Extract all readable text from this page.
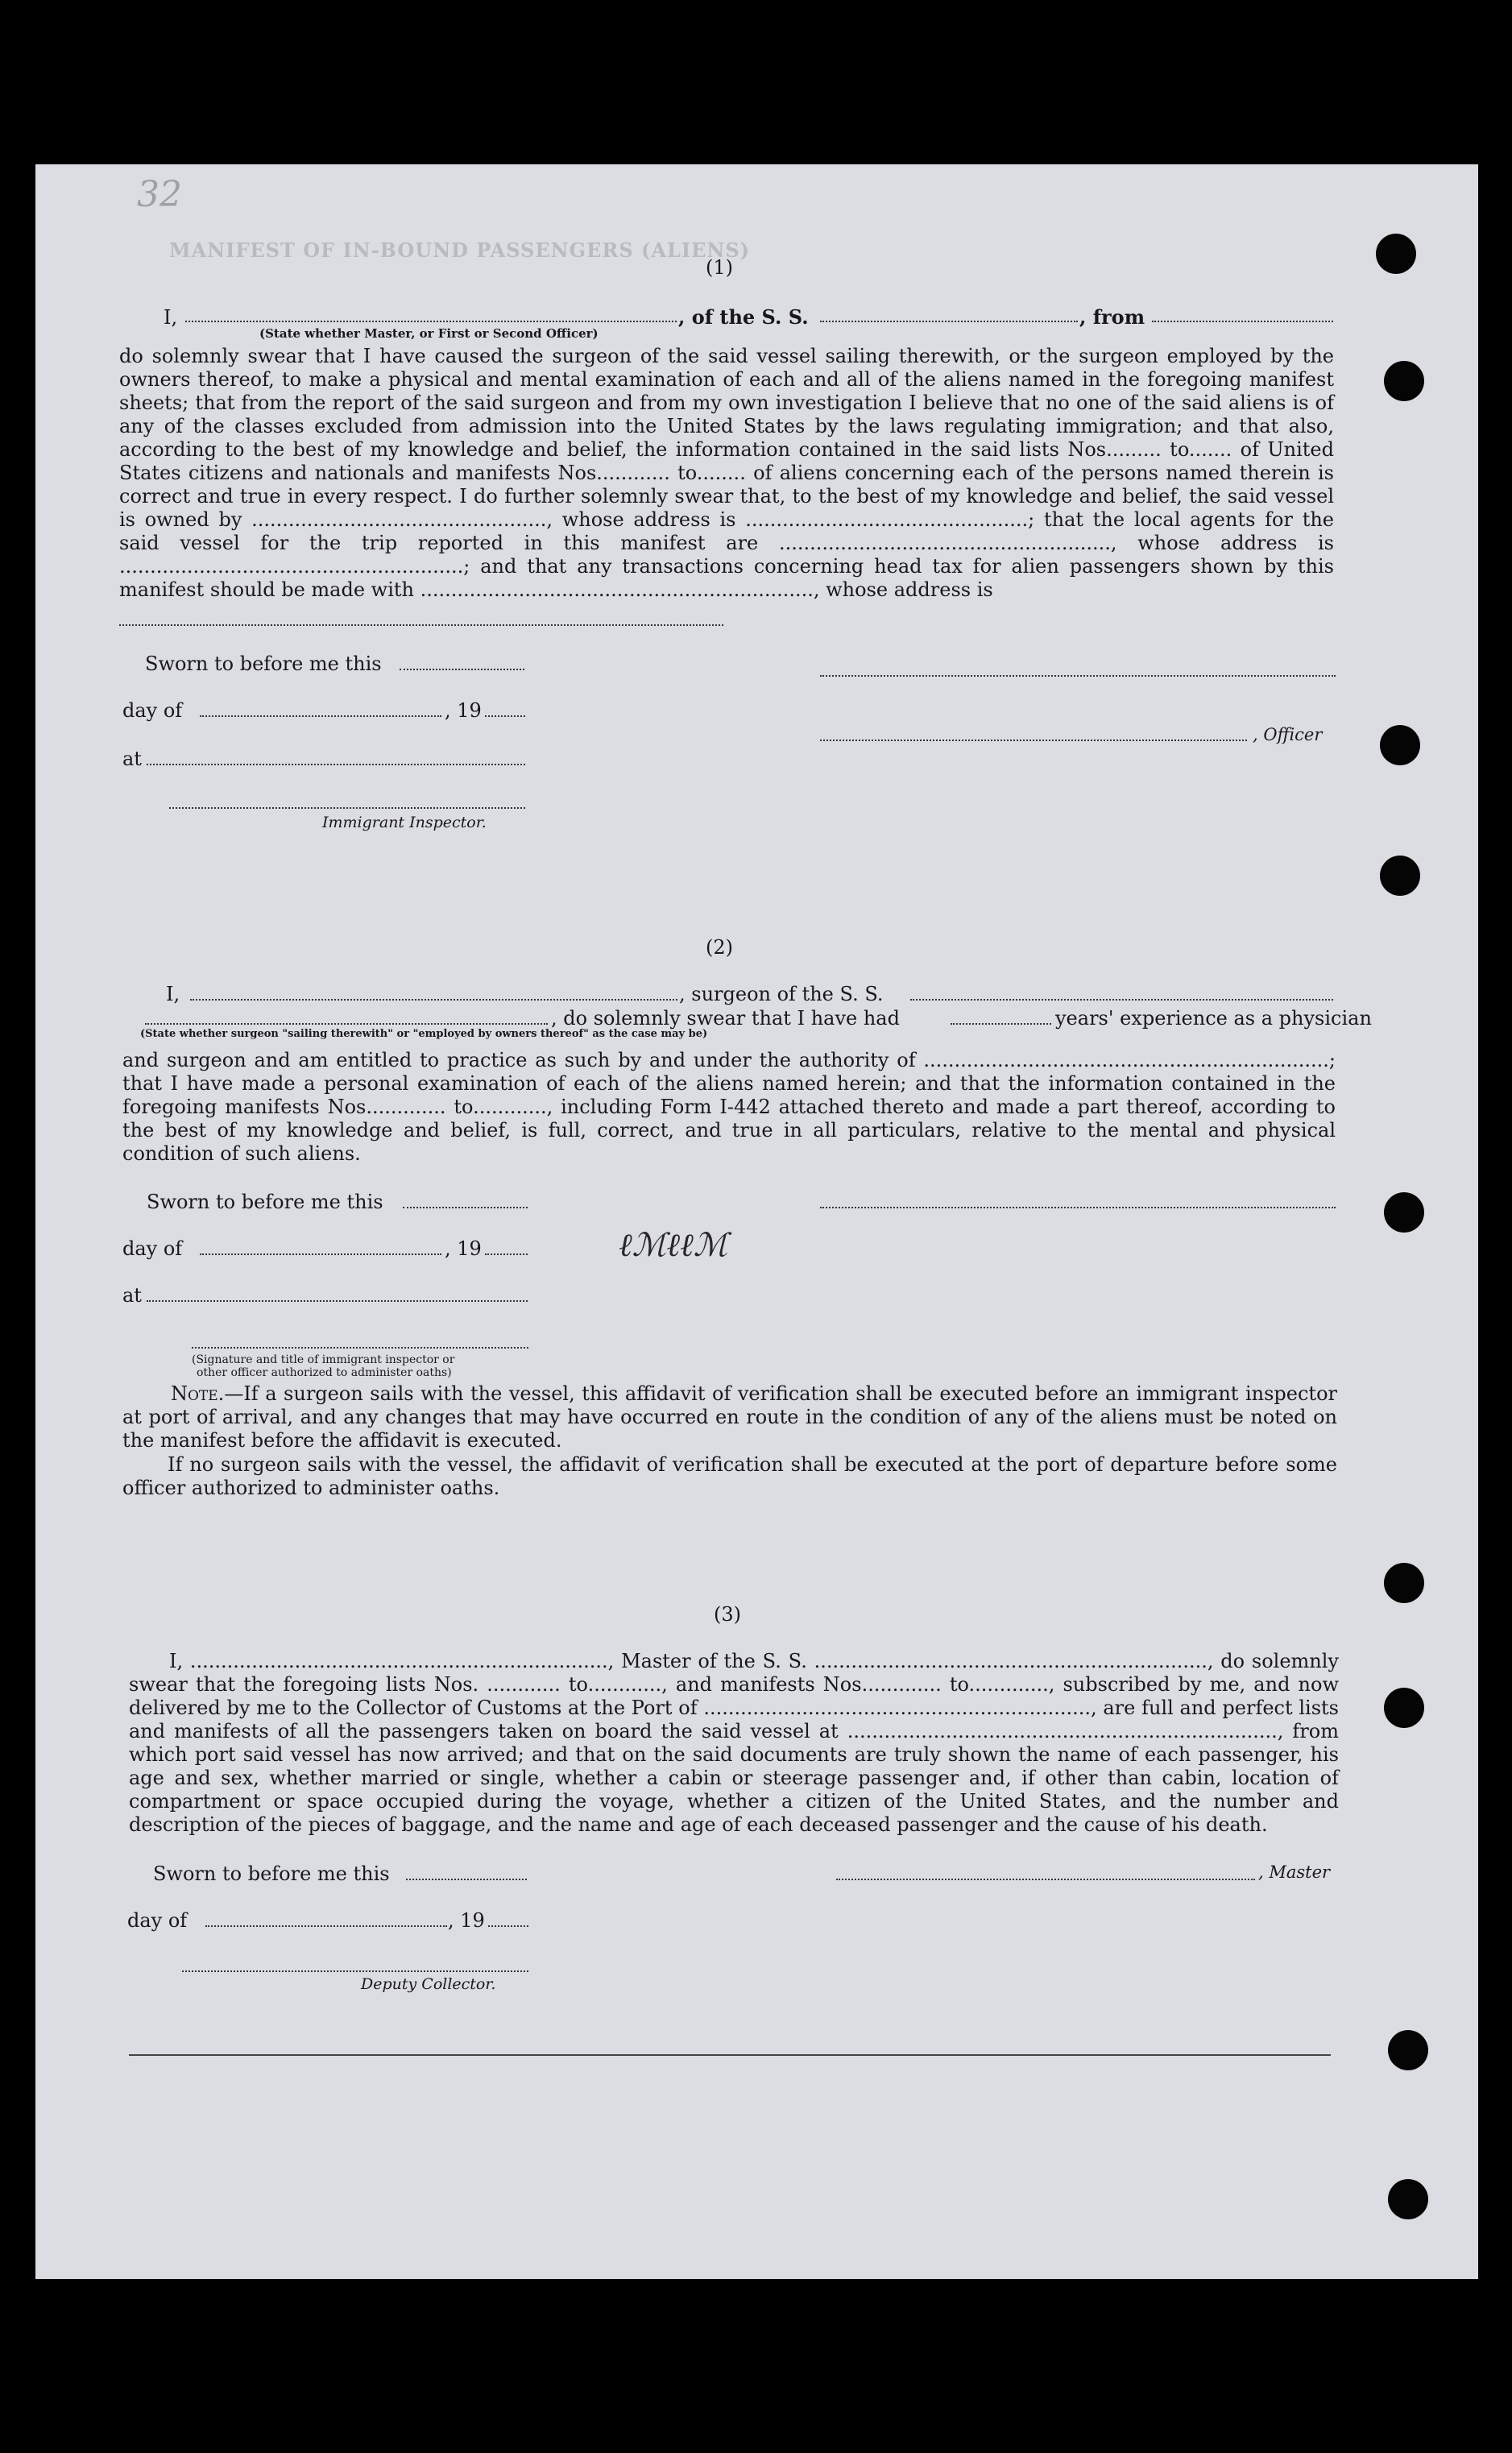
32
MANIFEST OF IN-BOUND PASSENGERS (ALIENS)
(1)
I,	, of the S. S.	, from
(State whether Master, or First or Second Officer)
do solemnly swear that I have caused the surgeon of the said vessel sailing therewith, or the surgeon employed by the owners thereof, to make a physical and mental examination of each and all of the aliens named in the foregoing manifest sheets; that from the report of the said surgeon and from my own investigation I believe that no one of the said aliens is of any of the classes excluded from admission into the United States by the laws regulating immigration; and that also, according to the best of my knowledge and belief, the information contained in the said lists Nos......... to....... of United States citizens and nationals and manifests Nos............ to........ of aliens concerning each of the persons named therein is correct and true in every respect. I do further solemnly swear that, to the best of my knowledge and belief, the said vessel is owned by ................................................, whose address is ..............................................; that the local agents for the said vessel for the trip reported in this manifest are ......................................................, whose address is ........................................................; and that any transactions concerning head tax for alien passengers shown by this manifest should be made with ................................................................, whose address is
Sworn to before me this
day of	, 19
at
Immigrant Inspector.
, Officer
(2)
I,	, surgeon of the S. S.
, do solemnly swear that I have had	years' experience as a physician
(State whether surgeon "sailing therewith" or "employed by owners thereof" as the case may be)
and surgeon and am entitled to practice as such by and under the authority of ..................................................................; that I have made a personal examination of each of the aliens named herein; and that the information contained in the foregoing manifests Nos............. to............, including Form I-442 attached thereto and made a part thereof, according to the best of my knowledge and belief, is full, correct, and true in all particulars, relative to the mental and physical condition of such aliens.
Sworn to before me this
day of	, 19
at
ℓℳℓℓℳ
(Signature and title of immigrant inspector or
other officer authorized to administer oaths)
Note.—If a surgeon sails with the vessel, this affidavit of verification shall be executed before an immigrant inspector at port of arrival, and any changes that may have occurred en route in the condition of any of the aliens must be noted on the manifest before the affidavit is executed.
If no surgeon sails with the vessel, the affidavit of verification shall be executed at the port of departure before some officer authorized to administer oaths.
(3)
I, ...................................................................., Master of the S. S. ................................................................, do solemnly swear that the foregoing lists Nos. ............ to............, and manifests Nos............. to............., subscribed by me, and now delivered by me to the Collector of Customs at the Port of ..............................................................., are full and perfect lists and manifests of all the passengers taken on board the said vessel at ......................................................................, from which port said vessel has now arrived; and that on the said documents are truly shown the name of each passenger, his age and sex, whether married or single, whether a cabin or steerage passenger and, if other than cabin, location of compartment or space occupied during the voyage, whether a citizen of the United States, and the number and description of the pieces of baggage, and the name and age of each deceased passenger and the cause of his death.
Sworn to before me this	, Master
day of	, 19
Deputy Collector.
